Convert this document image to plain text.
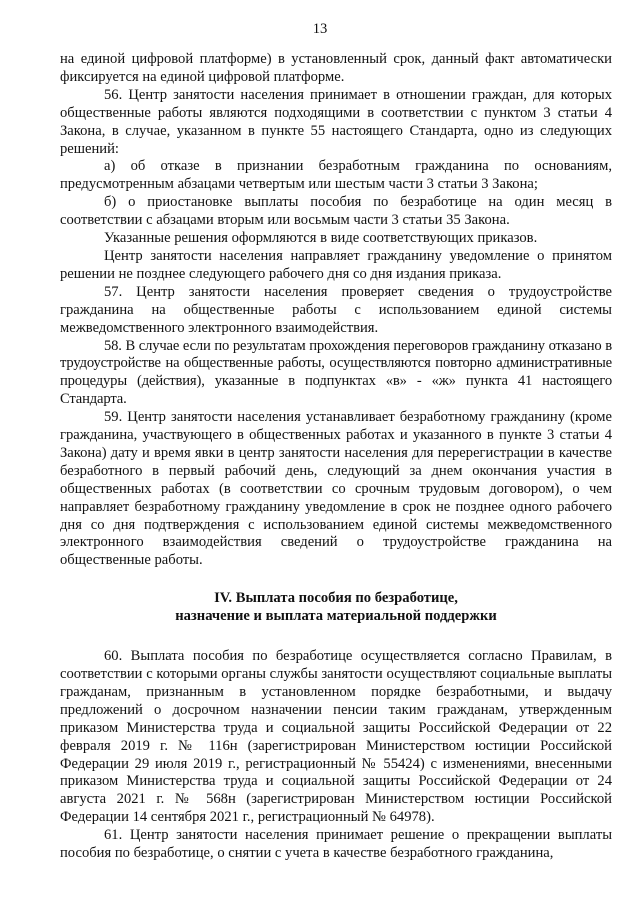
13

на единой цифровой платформе) в установленный срок, данный факт автоматически фиксируется на единой цифровой платформе.

56. Центр занятости населения принимает в отношении граждан, для которых общественные работы являются подходящими в соответствии с пунктом 3 статьи 4 Закона, в случае, указанном в пункте 55 настоящего Стандарта, одно из следующих решений:

а) об отказе в признании безработным гражданина по основаниям, предусмотренным абзацами четвертым или шестым части 3 статьи 3 Закона;

б) о приостановке выплаты пособия по безработице на один месяц в соответствии с абзацами вторым или восьмым части 3 статьи 35 Закона.

Указанные решения оформляются в виде соответствующих приказов.

Центр занятости населения направляет гражданину уведомление о принятом решении не позднее следующего рабочего дня со дня издания приказа.

57. Центр занятости населения проверяет сведения о трудоустройстве гражданина на общественные работы с использованием единой системы межведомственного электронного взаимодействия.

58. В случае если по результатам прохождения переговоров гражданину отказано в трудоустройстве на общественные работы, осуществляются повторно административные процедуры (действия), указанные в подпунктах «в» - «ж» пункта 41 настоящего Стандарта.

59. Центр занятости населения устанавливает безработному гражданину (кроме гражданина, участвующего в общественных работах и указанного в пункте 3 статьи 4 Закона) дату и время явки в центр занятости населения для перерегистрации в качестве безработного в первый рабочий день, следующий за днем окончания участия в общественных работах (в соответствии со срочным трудовым договором), о чем направляет безработному гражданину уведомление в срок не позднее одного рабочего дня со дня подтверждения с использованием единой системы межведомственного электронного взаимодействия сведений о трудоустройстве гражданина на общественные работы.

IV. Выплата пособия по безработице,
назначение и выплата материальной поддержки

60. Выплата пособия по безработице осуществляется согласно Правилам, в соответствии с которыми органы службы занятости осуществляют социальные выплаты гражданам, признанным в установленном порядке безработными, и выдачу предложений о досрочном назначении пенсии таким гражданам, утвержденным приказом Министерства труда и социальной защиты Российской Федерации от 22 февраля 2019 г. № 116н (зарегистрирован Министерством юстиции Российской Федерации 29 июля 2019 г., регистрационный № 55424) с изменениями, внесенными приказом Министерства труда и социальной защиты Российской Федерации от 24 августа 2021 г. № 568н (зарегистрирован Министерством юстиции Российской Федерации 14 сентября 2021 г., регистрационный № 64978).

61. Центр занятости населения принимает решение о прекращении выплаты пособия по безработице, о снятии с учета в качестве безработного гражданина,
